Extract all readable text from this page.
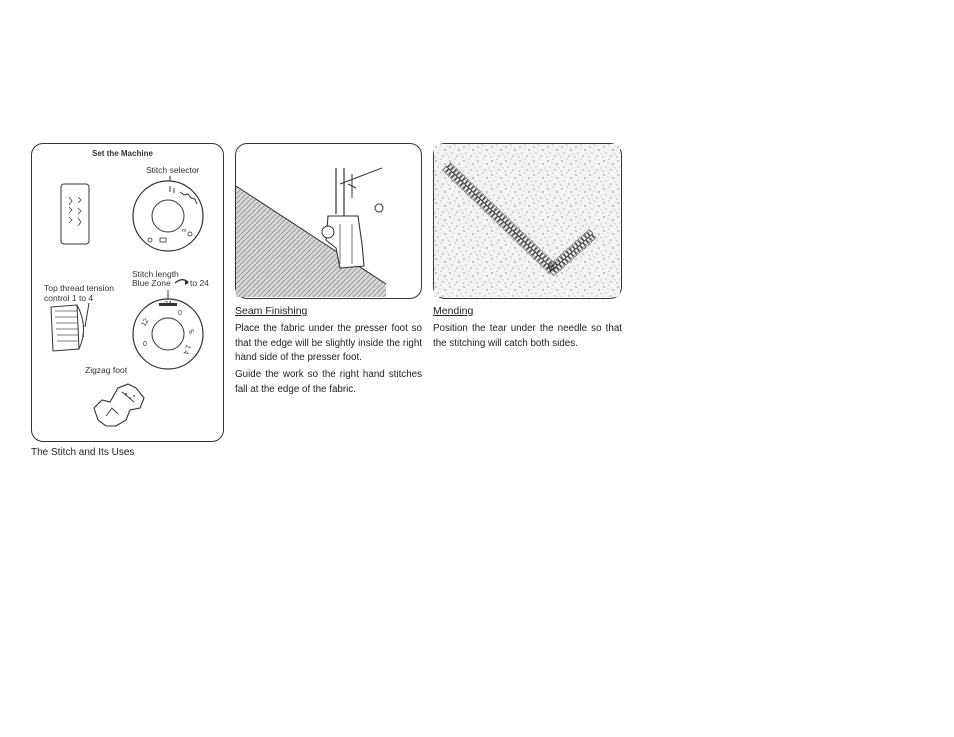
Set the Machine
Stitch selector
m
Stitch length
Blue Zone to 24
Top thread tension
control 1 to 4
1
24
12
0
5
1.4
0
Zigzag foot
The Stitch and Its Uses
Seam Finishing
Place the fabric under the presser foot so that the edge will be slightly inside the right hand side of the presser foot.
Guide the work so the right hand stitches fall at the edge of the fabric.
Mending
Position the tear under the needle so that the stitching will catch both sides.
